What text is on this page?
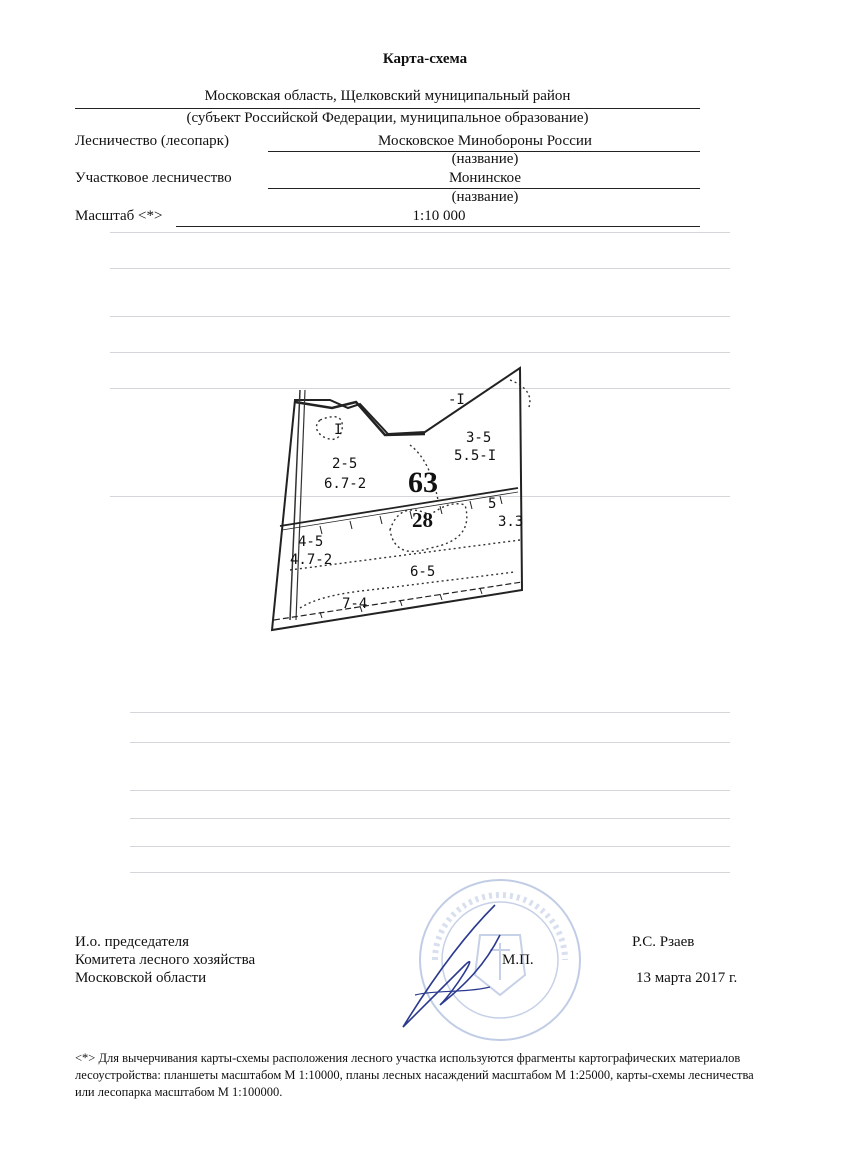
Карта-схема
Московская область, Щелковский муниципальный район
(субъект Российской Федерации, муниципальное образование)
Лесничество (лесопарк)	Московское Минобороны России
(название)
Участковое лесничество	Монинское
(название)
Масштаб <*>	1:10 000
2-5
6.7-2
3-5
5.5-I
I
4-5
4.7-2
5
3.3
6-5
7-4
-I
63
28
И.о. председателя
Комитета лесного хозяйства
Московской области
М.П.
Р.С. Рзаев
13 марта 2017 г.
<*> Для вычерчивания карты-схемы расположения лесного участка используются фрагменты картографических материалов лесоустройства: планшеты масштабом М 1:10000, планы лесных насаждений масштабом М 1:25000, карты-схемы лесничества или лесопарка масштабом М 1:100000.
